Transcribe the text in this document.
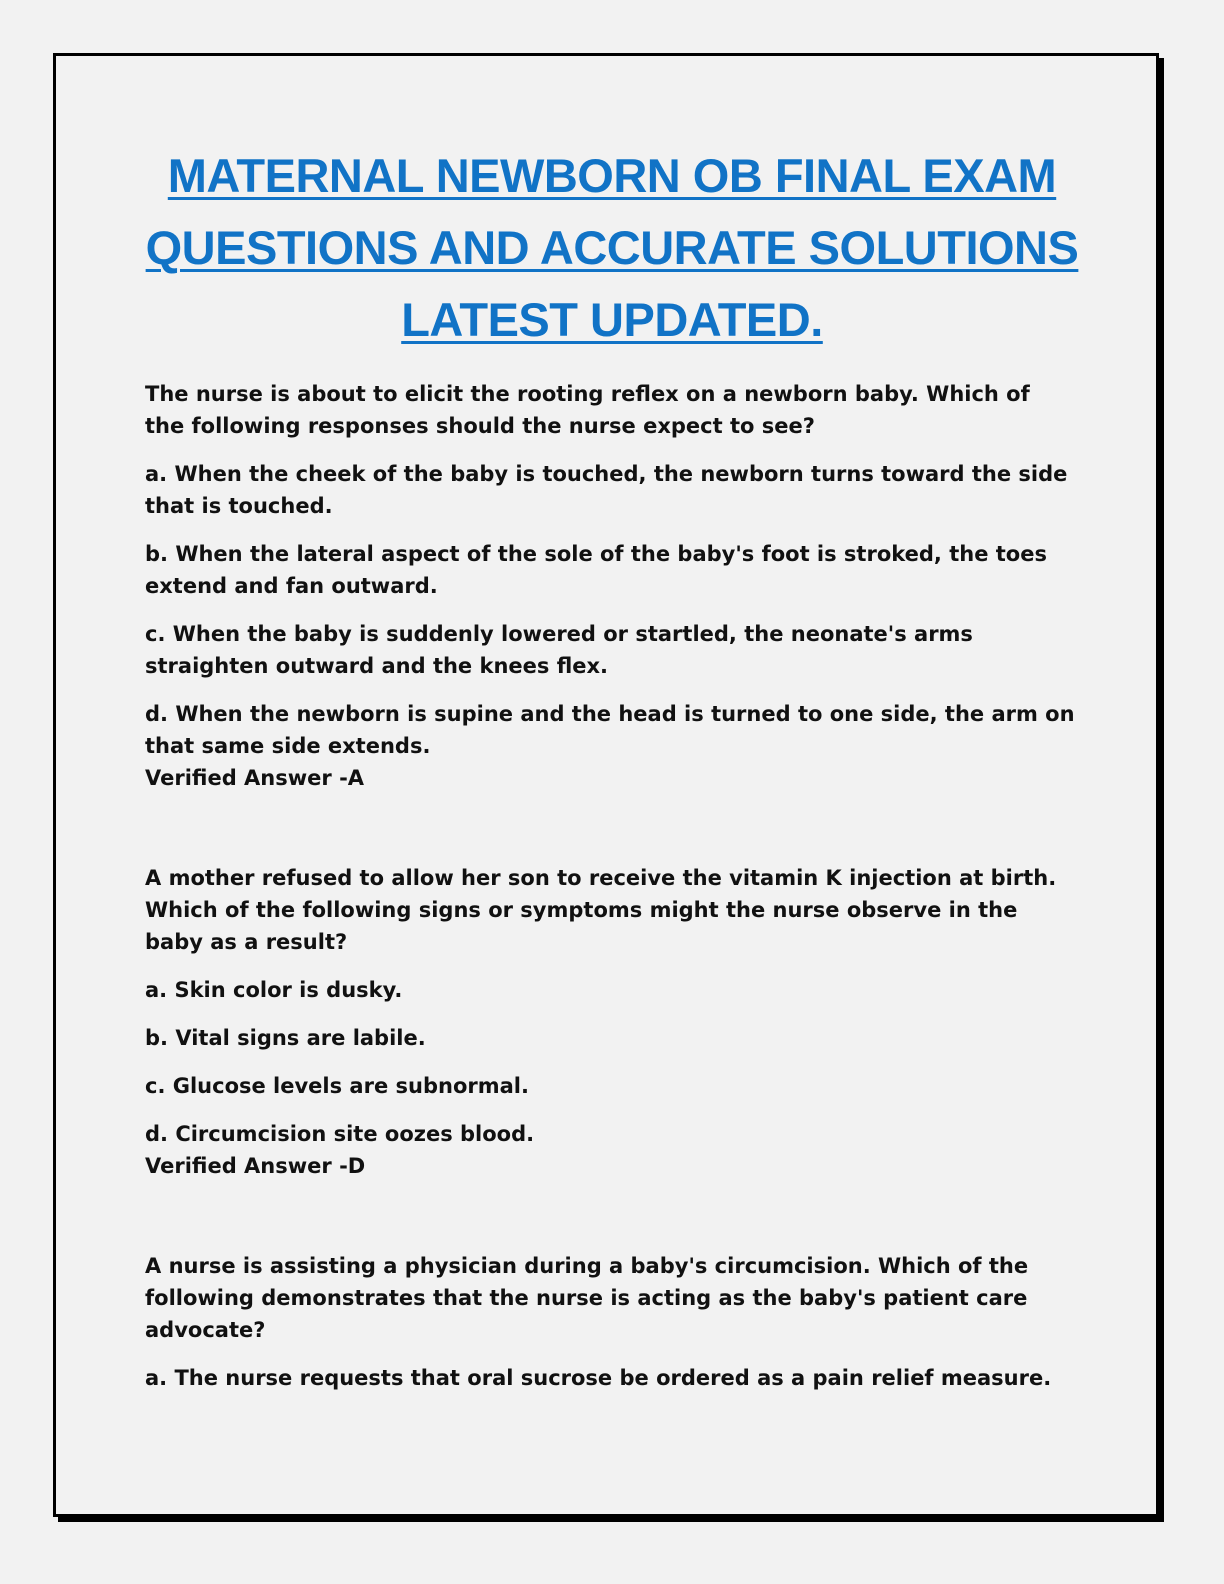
MATERNAL NEWBORN OB FINAL EXAM
QUESTIONS AND ACCURATE SOLUTIONS
LATEST UPDATED.

The nurse is about to elicit the rooting reflex on a newborn baby. Which of the following responses should the nurse expect to see?

a. When the cheek of the baby is touched, the newborn turns toward the side that is touched.

b. When the lateral aspect of the sole of the baby's foot is stroked, the toes extend and fan outward.

c. When the baby is suddenly lowered or startled, the neonate's arms straighten outward and the knees flex.

d. When the newborn is supine and the head is turned to one side, the arm on that same side extends.

Verified Answer -A

A mother refused to allow her son to receive the vitamin K injection at birth. Which of the following signs or symptoms might the nurse observe in the baby as a result?

a. Skin color is dusky.

b. Vital signs are labile.

c. Glucose levels are subnormal.

d. Circumcision site oozes blood.

Verified Answer -D

A nurse is assisting a physician during a baby's circumcision. Which of the following demonstrates that the nurse is acting as the baby's patient care advocate?

a. The nurse requests that oral sucrose be ordered as a pain relief measure.
